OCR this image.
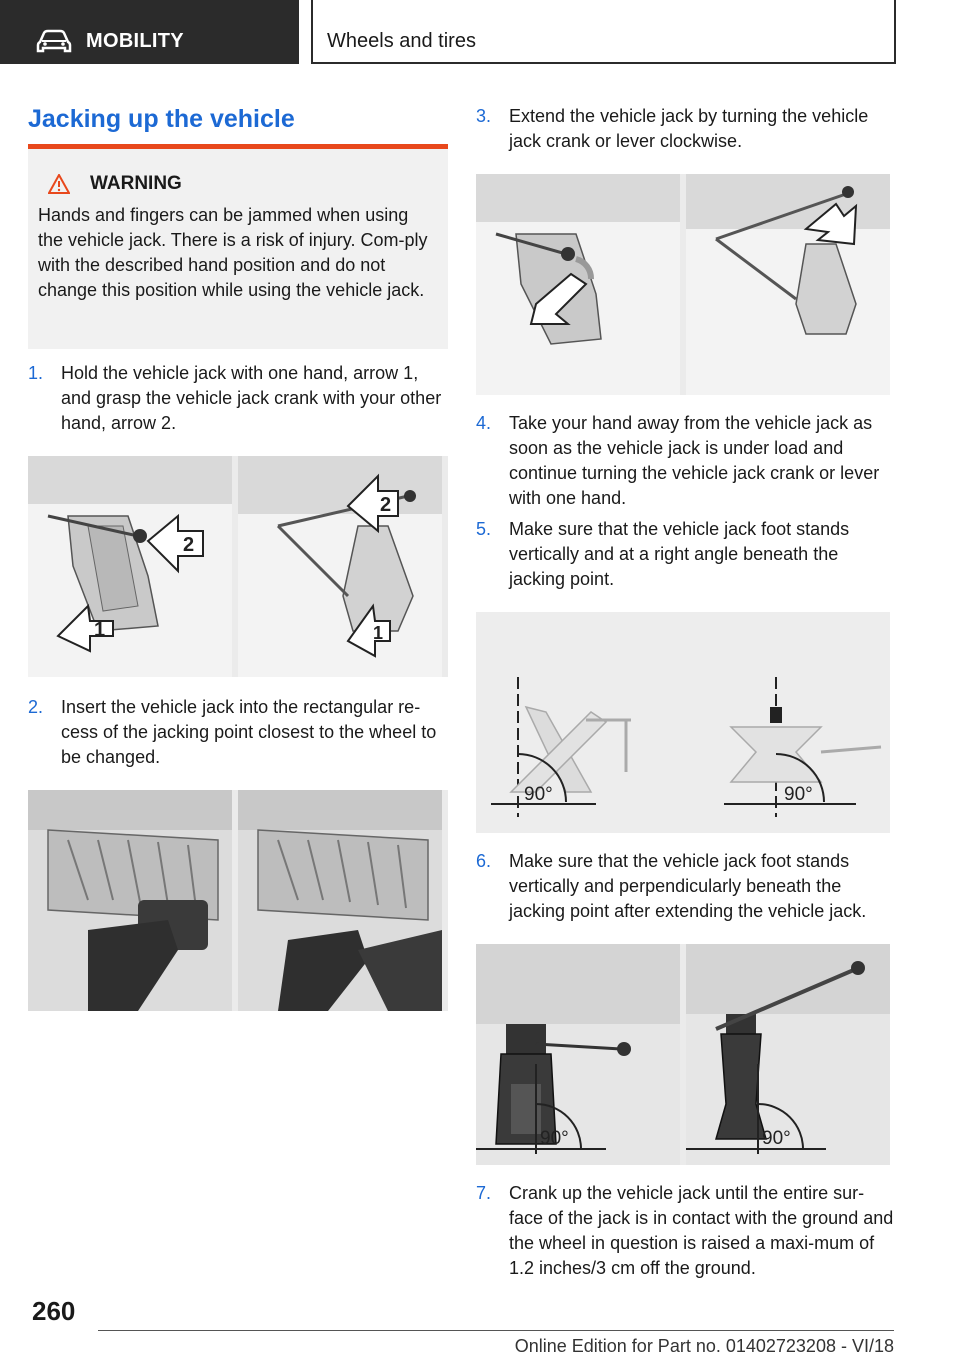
MOBILITY	Wheels and tires
Jacking up the vehicle
WARNING
Hands and fingers can be jammed when using the vehicle jack. There is a risk of injury. Com-ply with the described hand position and do not change this position while using the vehicle jack.
1. Hold the vehicle jack with one hand, arrow 1, and grasp the vehicle jack crank with your other hand, arrow 2.
1
2
2
1
2. Insert the vehicle jack into the rectangular re-cess of the jacking point closest to the wheel to be changed.
3. Extend the vehicle jack by turning the vehicle jack crank or lever clockwise.
4. Take your hand away from the vehicle jack as soon as the vehicle jack is under load and continue turning the vehicle jack crank or lever with one hand.
5. Make sure that the vehicle jack foot stands vertically and at a right angle beneath the jacking point.
90°	90°
6. Make sure that the vehicle jack foot stands vertically and perpendicularly beneath the jacking point after extending the vehicle jack.
90°	90°
7. Crank up the vehicle jack until the entire sur-face of the jack is in contact with the ground and the wheel in question is raised a maxi-mum of 1.2 inches/3 cm off the ground.
260
Online Edition for Part no. 01402723208 - VI/18
